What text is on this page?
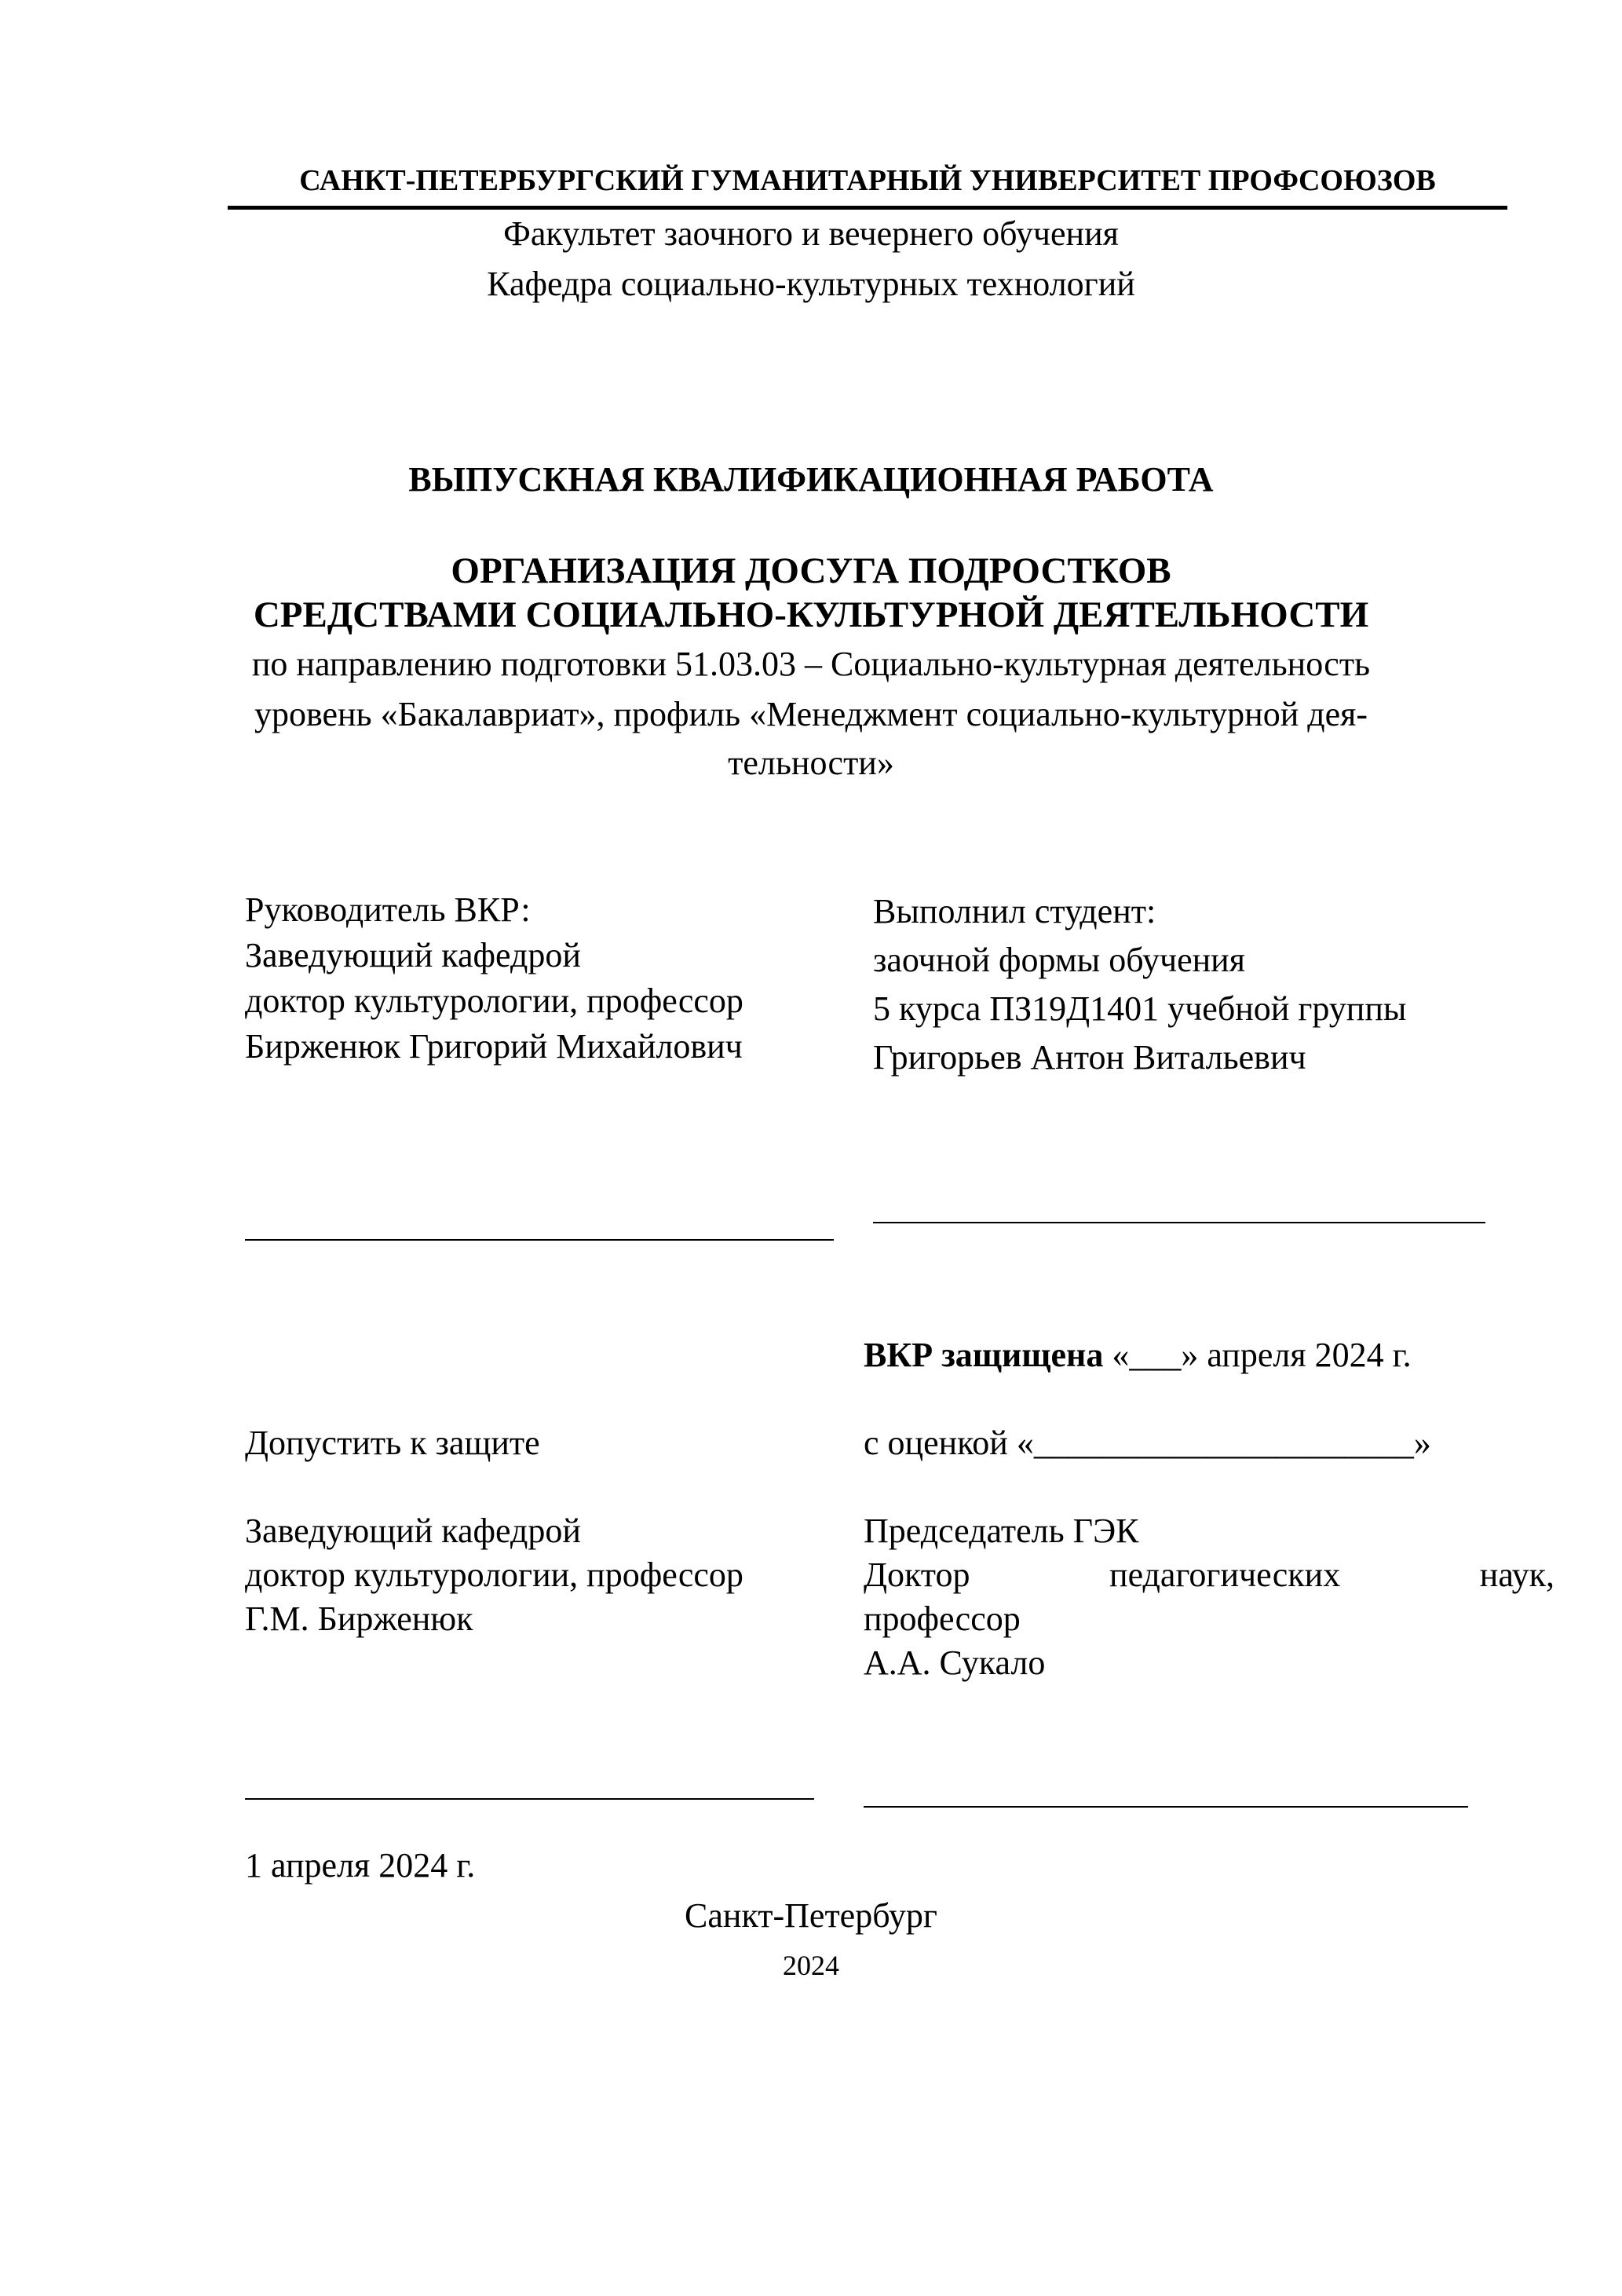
САНКТ-ПЕТЕРБУРГСКИЙ ГУМАНИТАРНЫЙ УНИВЕРСИТЕТ ПРОФСОЮЗОВ

Факультет заочного и вечернего обучения

Кафедра социально-культурных технологий

ВЫПУСКНАЯ КВАЛИФИКАЦИОННАЯ РАБОТА

ОРГАНИЗАЦИЯ ДОСУГА ПОДРОСТКОВ

СРЕДСТВАМИ СОЦИАЛЬНО-КУЛЬТУРНОЙ ДЕЯТЕЛЬНОСТИ

по направлению подготовки 51.03.03 – Социально-культурная деятельность

уровень «Бакалавриат», профиль «Менеджмент социально-культурной дея-

тельности»

Руководитель ВКР:
Заведующий кафедрой
доктор культурологии, профессор
Бирженюк Григорий Михайлович
Выполнил студент:
заочной формы обучения
5 курса ПЗ19Д1401 учебной группы
Григорьев Антон Витальевич

ВКР защищена «___» апреля 2024 г.

Допустить к защите	с оценкой «______________________»

Заведующий кафедрой
доктор культурологии, профессор
Г.М. Бирженюк
Председатель ГЭК
Доктор	педагогических	наук,
профессор
А.А. Сукало

1 апреля 2024 г.

Санкт-Петербург

2024
